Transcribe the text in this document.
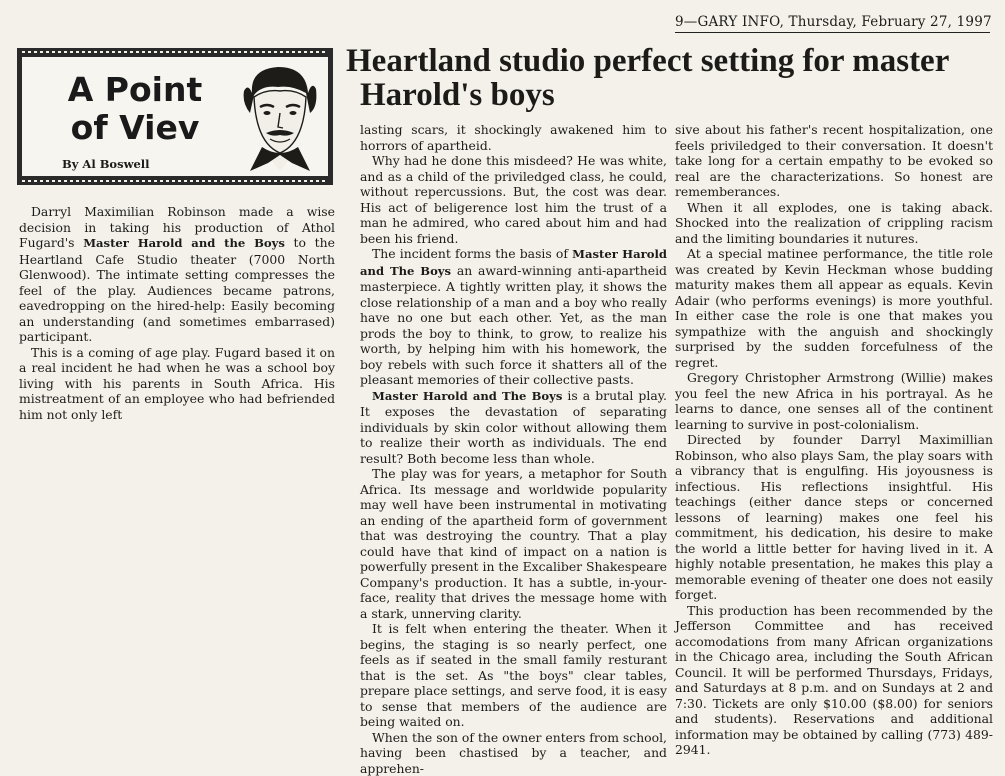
9—GARY INFO, Thursday, February 27, 1997
A Point
of Viev
By Al Boswell
Heartland studio perfect setting for master
Harold's boys

Darryl Maximilian Robinson made a wise decision in taking his production of Athol Fugard's Master Harold and the Boys to the Heartland Cafe Studio theater (7000 North Glenwood). The intimate setting compresses the feel of the play. Audiences became patrons, eavedropping on the hired-help: Easily becoming an understanding (and sometimes embarrased) participant.

This is a coming of age play. Fugard based it on a real incident he had when he was a school boy living with his parents in South Africa. His mistreatment of an employee who had befriended him not only left

lasting scars, it shockingly awakened him to horrors of apartheid.

Why had he done this misdeed? He was white, and as a child of the priviledged class, he could, without repercussions. But, the cost was dear. His act of beligerence lost him the trust of a man he admired, who cared about him and had been his friend.

The incident forms the basis of Master Harold and The Boys an award-winning anti-apartheid masterpiece. A tightly written play, it shows the close relationship of a man and a boy who really have no one but each other. Yet, as the man prods the boy to think, to grow, to realize his worth, by helping him with his homework, the boy rebels with such force it shatters all of the pleasant memories of their collective pasts.

Master Harold and The Boys is a brutal play. It exposes the devastation of separating individuals by skin color without allowing them to realize their worth as individuals. The end result? Both become less than whole.

The play was for years, a metaphor for South Africa. Its message and worldwide popularity may well have been instrumental in motivating an ending of the apartheid form of government that was destroying the country. That a play could have that kind of impact on a nation is powerfully present in the Excaliber Shakespeare Company's production. It has a subtle, in-your-face, reality that drives the message home with a stark, unnerving clarity.

It is felt when entering the theater. When it begins, the staging is so nearly perfect, one feels as if seated in the small family resturant that is the set. As "the boys" clear tables, prepare place settings, and serve food, it is easy to sense that members of the audience are being waited on.

When the son of the owner enters from school, having been chastised by a teacher, and apprehen-

sive about his father's recent hospitalization, one feels priviledged to their conversation. It doesn't take long for a certain empathy to be evoked so real are the characterizations. So honest are rememberances.

When it all explodes, one is taking aback. Shocked into the realization of crippling racism and the limiting boundaries it nutures.

At a special matinee performance, the title role was created by Kevin Heckman whose budding maturity makes them all appear as equals. Kevin Adair (who performs evenings) is more youthful. In either case the role is one that makes you sympathize with the anguish and shockingly surprised by the sudden forcefulness of the regret.

Gregory Christopher Armstrong (Willie) makes you feel the new Africa in his portrayal. As he learns to dance, one senses all of the continent learning to survive in post-colonialism.

Directed by founder Darryl Maximillian Robinson, who also plays Sam, the play soars with a vibrancy that is engulfing. His joyousness is infectious. His reflections insightful. His teachings (either dance steps or concerned lessons of learning) makes one feel his commitment, his dedication, his desire to make the world a little better for having lived in it. A highly notable presentation, he makes this play a memorable evening of theater one does not easily forget.

This production has been recommended by the Jefferson Committee and has received accomodations from many African organizations in the Chicago area, including the South African Council. It will be performed Thursdays, Fridays, and Saturdays at 8 p.m. and on Sundays at 2 and 7:30. Tickets are only $10.00 ($8.00) for seniors and students). Reservations and additional information may be obtained by calling (773) 489-2941.
